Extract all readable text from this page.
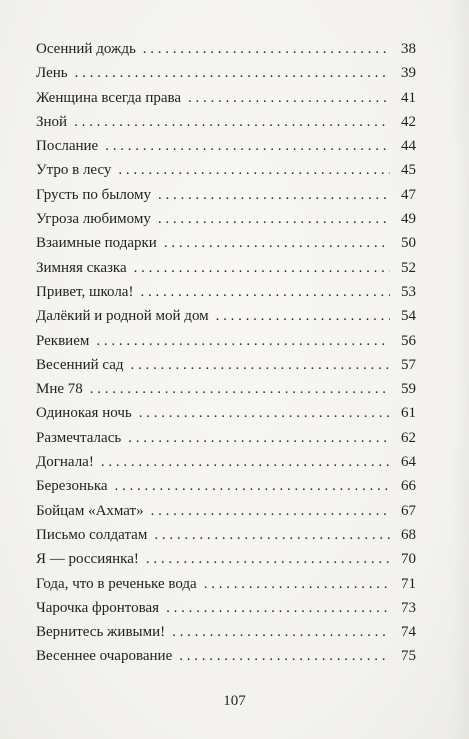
Осенний дождь . . .	38
Лень . . .	39
Женщина всегда права . . .	41
Зной . . .	42
Послание . . .	44
Утро в лесу . . .	45
Грусть по былому . . .	47
Угроза любимому . . .	49
Взаимные подарки . . .	50
Зимняя сказка . . .	52
Привет, школа! . . .	53
Далёкий и родной мой дом . . .	54
Реквием . . .	56
Весенний сад . . .	57
Мне 78 . . .	59
Одинокая ночь . . .	61
Размечталась . . .	62
Догнала! . . .	64
Березонька . . .	66
Бойцам «Ахмат» . . .	67
Письмо солдатам . . .	68
Я — россиянка! . . .	70
Года, что в реченьке вода . . .	71
Чарочка фронтовая . . .	73
Вернитесь живыми! . . .	74
Весеннее очарование . . .	75
107
